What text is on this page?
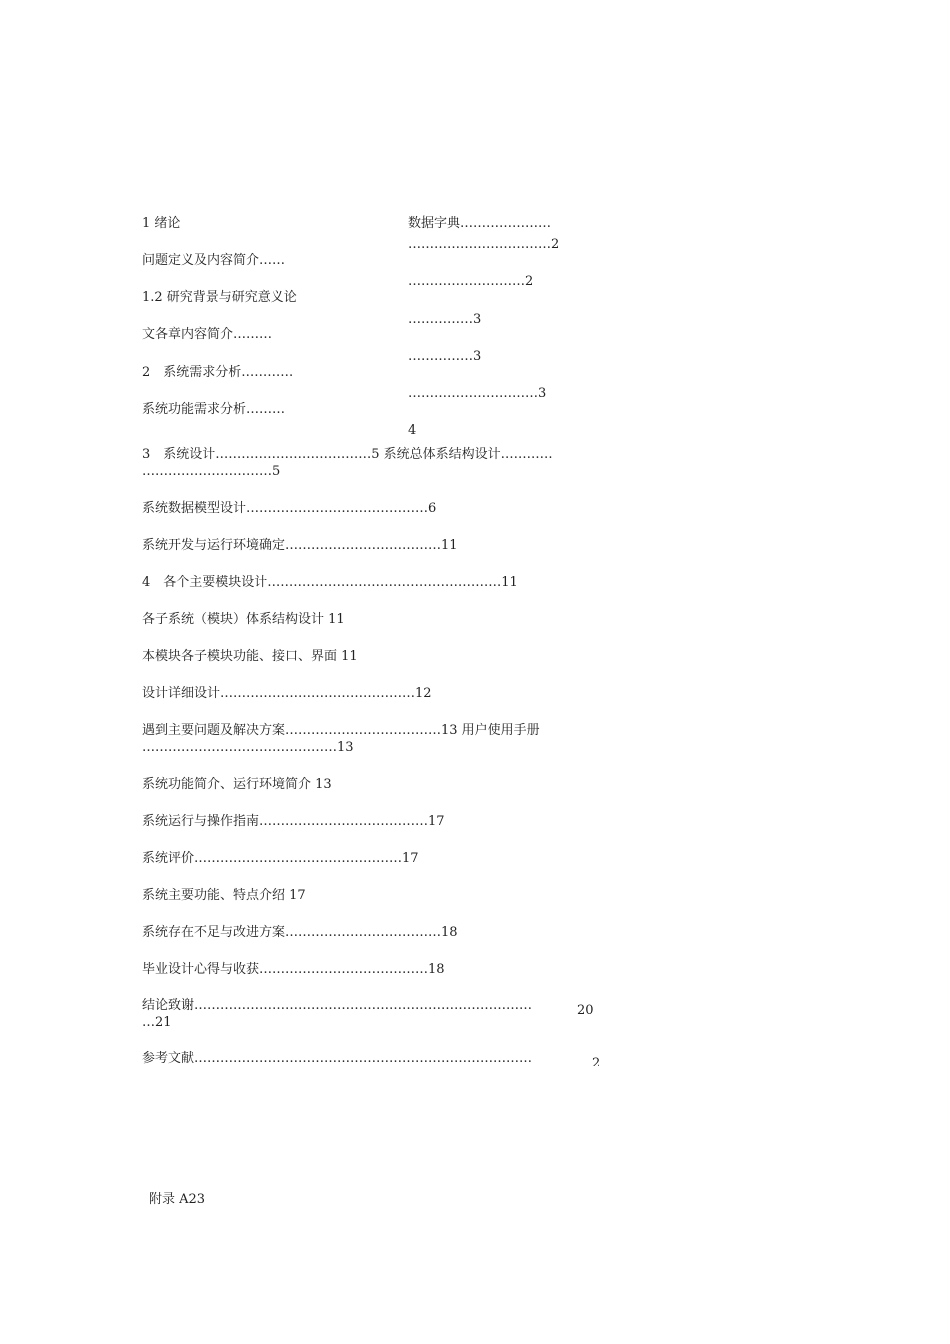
1 绪论
问题定义及内容简介……
1.2 研究背景与研究意义论
文各章内容简介………
2　系统需求分析…………
系统功能需求分析………
数据字典…………………
……………………………2
………………………2
……………3
……………3
…………………………3
4
3　系统设计………………………………5 系统总体系结构设计…………
…………………………5
系统数据模型设计……………………………………6
系统开发与运行环境确定………………………………11
4　各个主要模块设计………………………………………………11
各子系统（模块）体系结构设计 11
本模块各子模块功能、接口、界面 11
设计详细设计………………………………………12
遇到主要问题及解决方案………………………………13 用户使用手册
………………………………………13
系统功能简介、运行环境简介 13
系统运行与操作指南…………………………………17
系统评价…………………………………………17
系统主要功能、特点介绍 17
系统存在不足与改进方案………………………………18
毕业设计心得与收获…………………………………18
结论致谢……………………………………………………………………	20
…21
参考文献……………………………………………………………………	2
附录 A23
